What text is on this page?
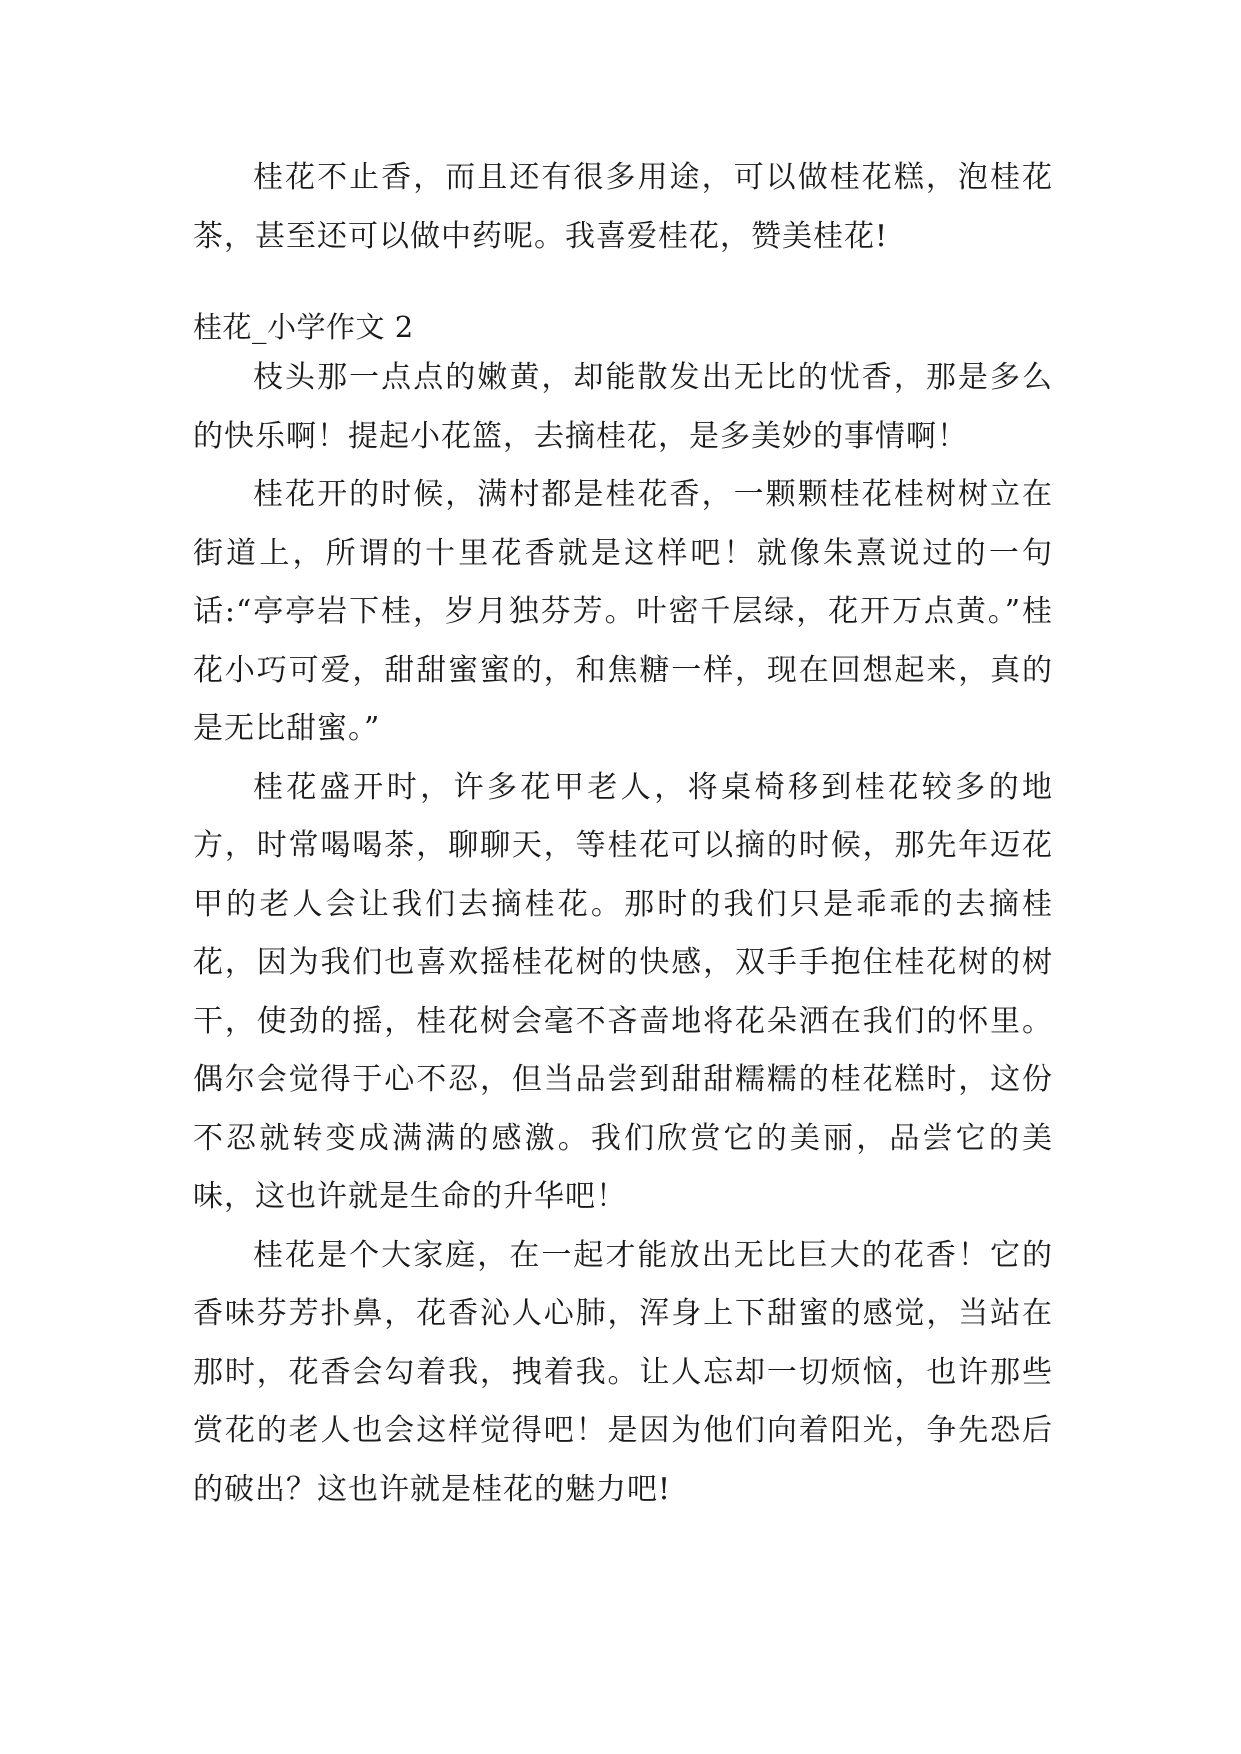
桂花不止香，而且还有很多用途，可以做桂花糕，泡桂花茶，甚至还可以做中药呢。我喜爱桂花，赞美桂花!

桂花_小学作文 2

枝头那一点点的嫩黄，却能散发出无比的忧香，那是多么的快乐啊！提起小花篮，去摘桂花，是多美妙的事情啊！

桂花开的时候，满村都是桂花香，一颗颗桂花桂树树立在街道上，所谓的十里花香就是这样吧！就像朱熹说过的一句话:“亭亭岩下桂，岁月独芬芳。叶密千层绿，花开万点黄。”桂花小巧可爱，甜甜蜜蜜的，和焦糖一样，现在回想起来，真的是无比甜蜜。”

桂花盛开时，许多花甲老人，将桌椅移到桂花较多的地方，时常喝喝茶，聊聊天，等桂花可以摘的时候，那先年迈花甲的老人会让我们去摘桂花。那时的我们只是乖乖的去摘桂花，因为我们也喜欢摇桂花树的快感，双手手抱住桂花树的树干，使劲的摇，桂花树会毫不吝啬地将花朵洒在我们的怀里。偶尔会觉得于心不忍，但当品尝到甜甜糯糯的桂花糕时，这份不忍就转变成满满的感激。我们欣赏它的美丽，品尝它的美味，这也许就是生命的升华吧！

桂花是个大家庭，在一起才能放出无比巨大的花香！它的香味芬芳扑鼻，花香沁人心肺，浑身上下甜蜜的感觉，当站在那时，花香会勾着我，拽着我。让人忘却一切烦恼，也许那些赏花的老人也会这样觉得吧！是因为他们向着阳光，争先恐后的破出？这也许就是桂花的魅力吧!
